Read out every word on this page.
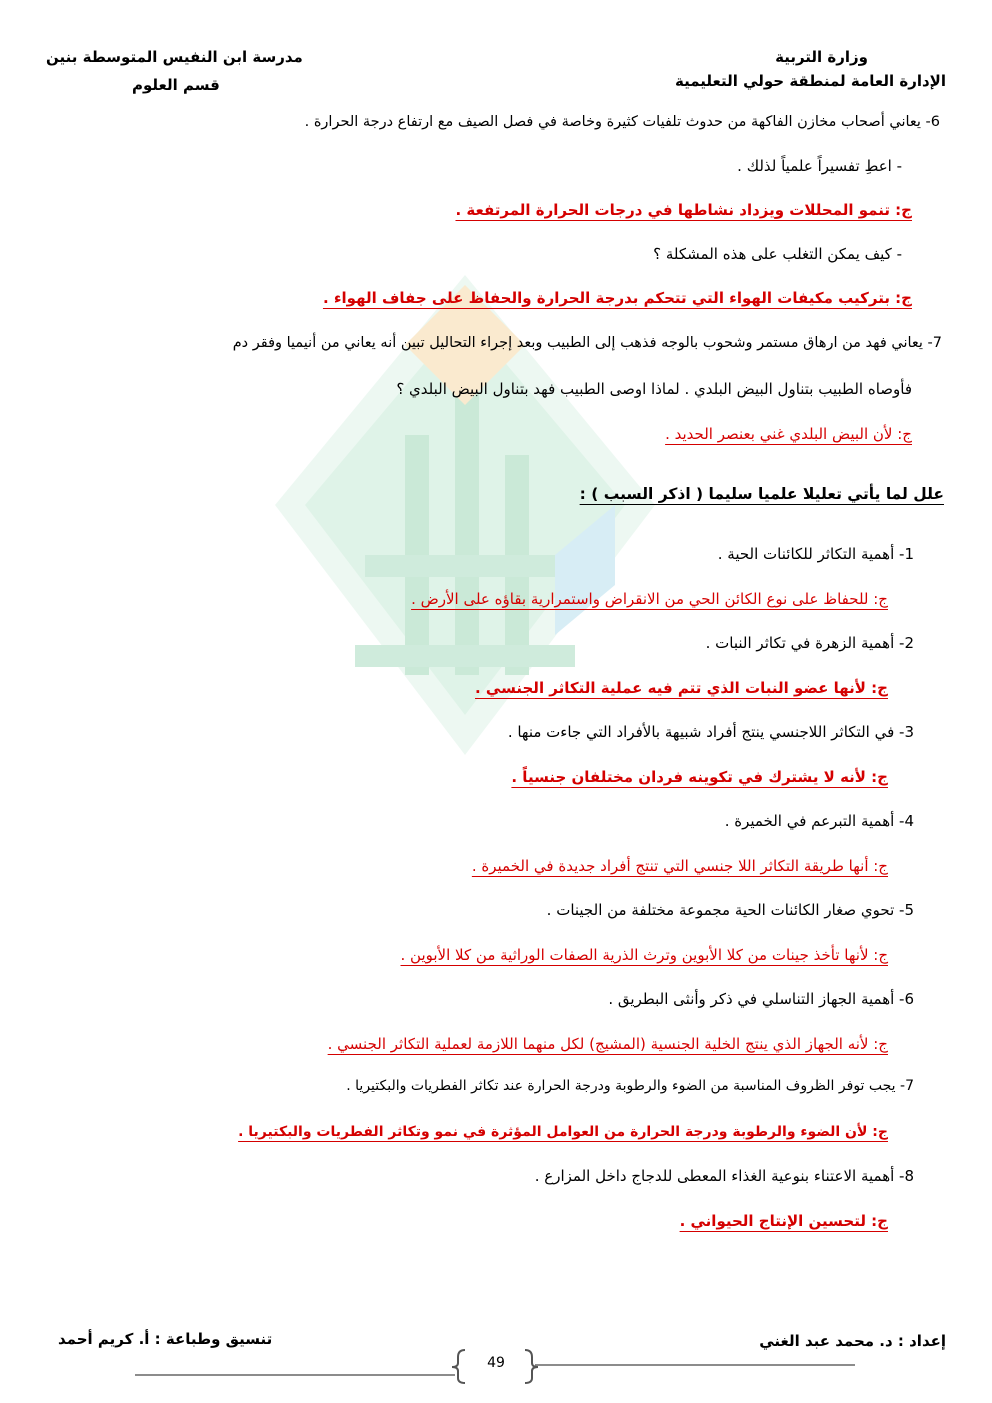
وزارة التربية
الإدارة العامة لمنطقة حولي التعليمية
مدرسة ابن النفيس المتوسطة بنين
قسم العلوم
6- يعاني أصحاب مخازن الفاكهة من حدوث تلفيات كثيرة وخاصة في فصل الصيف مع ارتفاع درجة الحرارة .
- اعطِ تفسيراً علمياً لذلك .
ج: تنمو المحللات ويزداد نشاطها في درجات الحرارة المرتفعة .
- كيف يمكن التغلب على هذه المشكلة ؟
ج: بتركيب مكيفات الهواء التي تتحكم بدرجة الحرارة والحفاظ على جفاف الهواء .
7- يعاني فهد من ارهاق مستمر وشحوب بالوجه فذهب إلى الطبيب وبعد إجراء التحاليل تبين أنه يعاني من أنيميا وفقر دم
فأوصاه الطبيب بتناول البيض البلدي . لماذا اوصى الطبيب فهد بتناول البيض البلدي ؟
ج: لأن البيض البلدي غني بعنصر الحديد .
علل لما يأتي تعليلا علميا سليما ( اذكر السبب ) :
1- أهمية التكاثر للكائنات الحية .
ج: للحفاظ على نوع الكائن الحي من الانقراض واستمرارية بقاؤه على الأرض .
2- أهمية الزهرة في تكاثر النبات .
ج: لأنها عضو النبات الذي تتم فيه عملية التكاثر الجنسي .
3- في التكاثر اللاجنسي ينتج أفراد شبيهة بالأفراد التي جاءت منها .
ج: لأنه لا يشترك في تكوينه فردان مختلفان جنسياً .
4- أهمية التبرعم في الخميرة .
ج: أنها طريقة التكاثر اللا جنسي التي تنتج أفراد جديدة في الخميرة .
5- تحوي صغار الكائنات الحية مجموعة مختلفة من الجينات .
ج: لأنها تأخذ جينات من كلا الأبوين وترث الذرية الصفات الوراثية من كلا الأبوين .
6- أهمية الجهاز التناسلي في ذكر وأنثى البطريق .
ج: لأنه الجهاز الذي ينتج الخلية الجنسية (المشيج) لكل منهما اللازمة لعملية التكاثر الجنسي .
7- يجب توفر الظروف المناسبة من الضوء والرطوبة ودرجة الحرارة عند تكاثر الفطريات والبكتيريا .
ج: لأن الضوء والرطوبة ودرجة الحرارة من العوامل المؤثرة في نمو وتكاثر الفطريات والبكتيريا .
8- أهمية الاعتناء بنوعية الغذاء المعطى للدجاج داخل المزارع .
ج: لتحسين الإنتاج الحيواني .
إعداد : د. محمد عبد الغني
تنسيق وطباعة : أ. كريم أحمد
49
